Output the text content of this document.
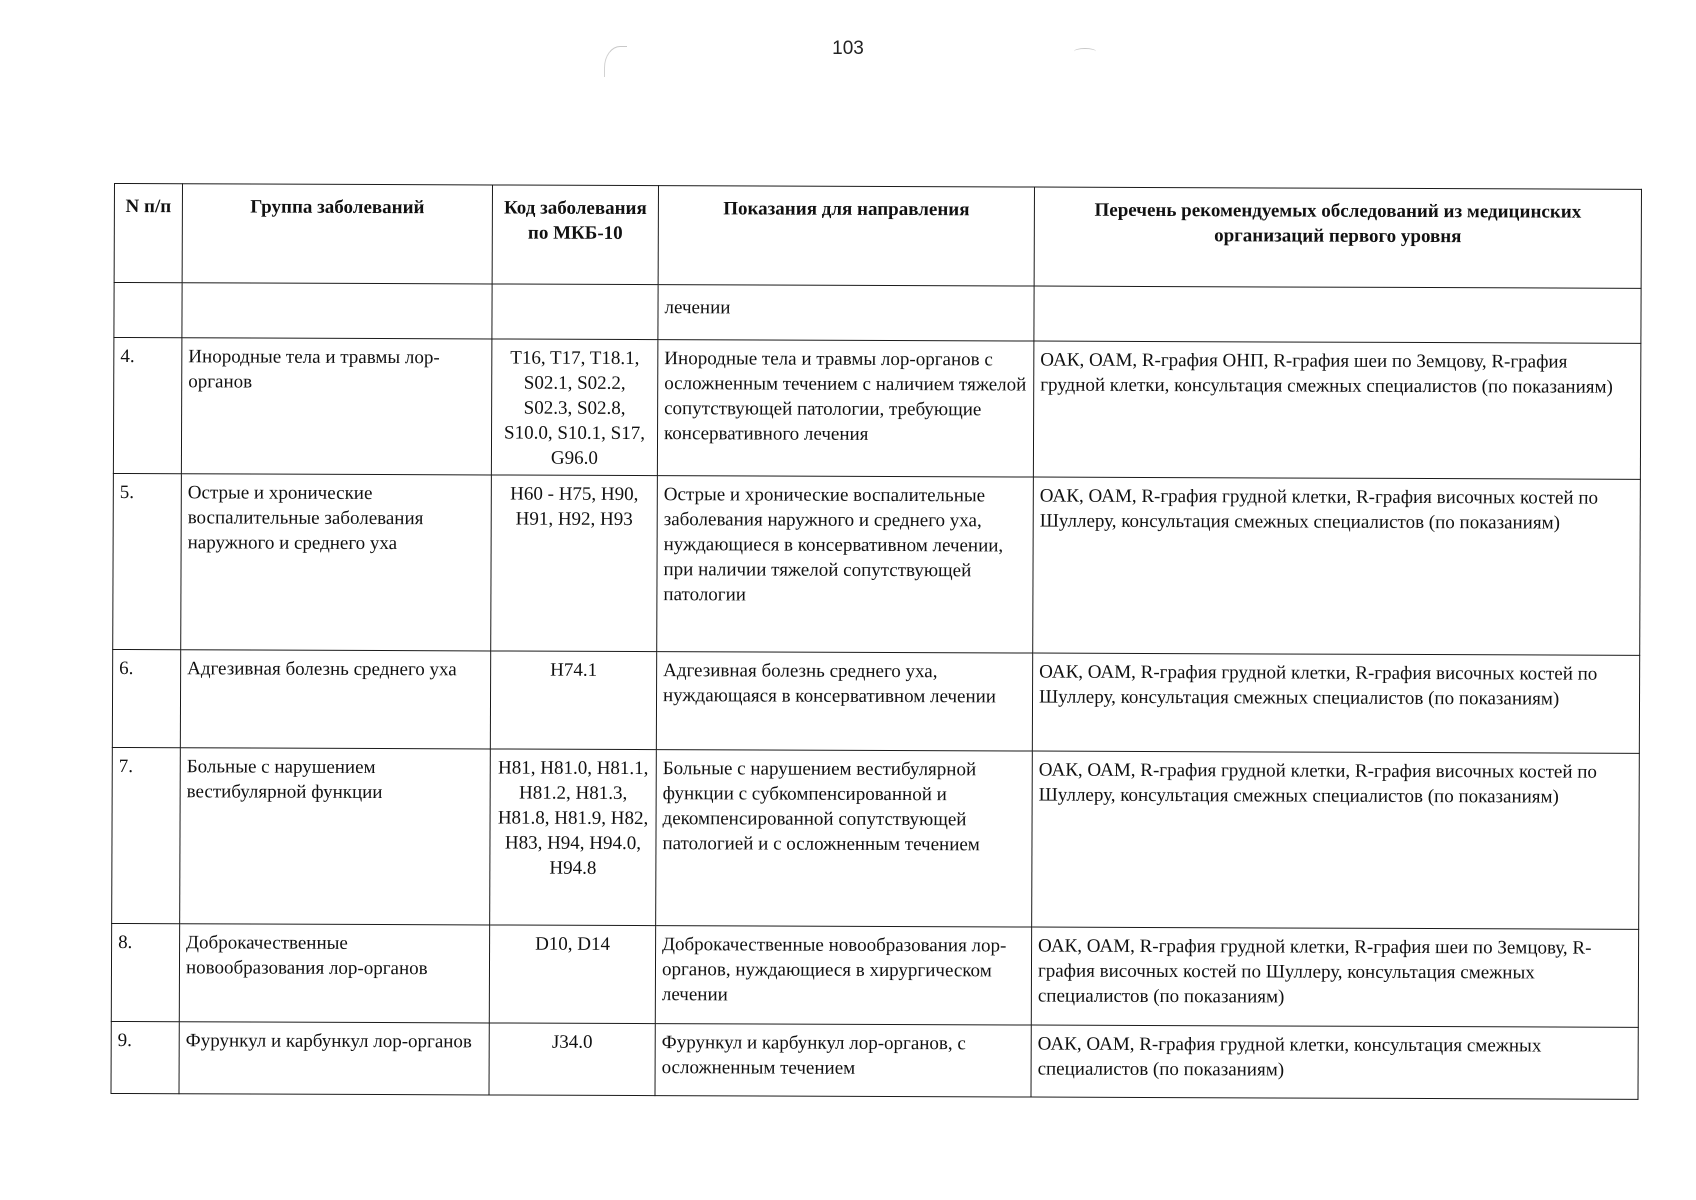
103
N п/п	Группа заболеваний	Код заболевания по МКБ-10	Показания для направления	Перечень рекомендуемых обследований из медицинских организаций первого уровня
			лечении	
4.	Инородные тела и травмы лор-органов	T16, T17, T18.1, S02.1, S02.2, S02.3, S02.8, S10.0, S10.1, S17, G96.0	Инородные тела и травмы лор-органов с осложненным течением с наличием тяжелой сопутствующей патологии, требующие консервативного лечения	ОАК, ОАМ, R-графия ОНП, R-графия шеи по Земцову, R-графия грудной клетки, консультация смежных специалистов (по показаниям)
5.	Острые и хронические воспалительные заболевания наружного и среднего уха	H60 - H75, H90, H91, H92, H93	Острые и хронические воспалительные заболевания наружного и среднего уха, нуждающиеся в консервативном лечении, при наличии тяжелой сопутствующей патологии	ОАК, ОАМ, R-графия грудной клетки, R-графия височных костей по Шуллеру, консультация смежных специалистов (по показаниям)
6.	Адгезивная болезнь среднего уха	H74.1	Адгезивная болезнь среднего уха, нуждающаяся в консервативном лечении	ОАК, ОАМ, R-графия грудной клетки, R-графия височных костей по Шуллеру, консультация смежных специалистов (по показаниям)
7.	Больные с нарушением вестибулярной функции	H81, H81.0, H81.1, H81.2, H81.3, H81.8, H81.9, H82, H83, H94, H94.0, H94.8	Больные с нарушением вестибулярной функции с субкомпенсированной и декомпенсированной сопутствующей патологией и с осложненным течением	ОАК, ОАМ, R-графия грудной клетки, R-графия височных костей по Шуллеру, консультация смежных специалистов (по показаниям)
8.	Доброкачественные новообразования лор-органов	D10, D14	Доброкачественные новообразования лор-органов, нуждающиеся в хирургическом лечении	ОАК, ОАМ, R-графия грудной клетки, R-графия шеи по Земцову, R-графия височных костей по Шуллеру, консультация смежных специалистов (по показаниям)
9.	Фурункул и карбункул лор-органов	J34.0	Фурункул и карбункул лор-органов, с осложненным течением	ОАК, ОАМ, R-графия грудной клетки, консультация смежных специалистов (по показаниям)
